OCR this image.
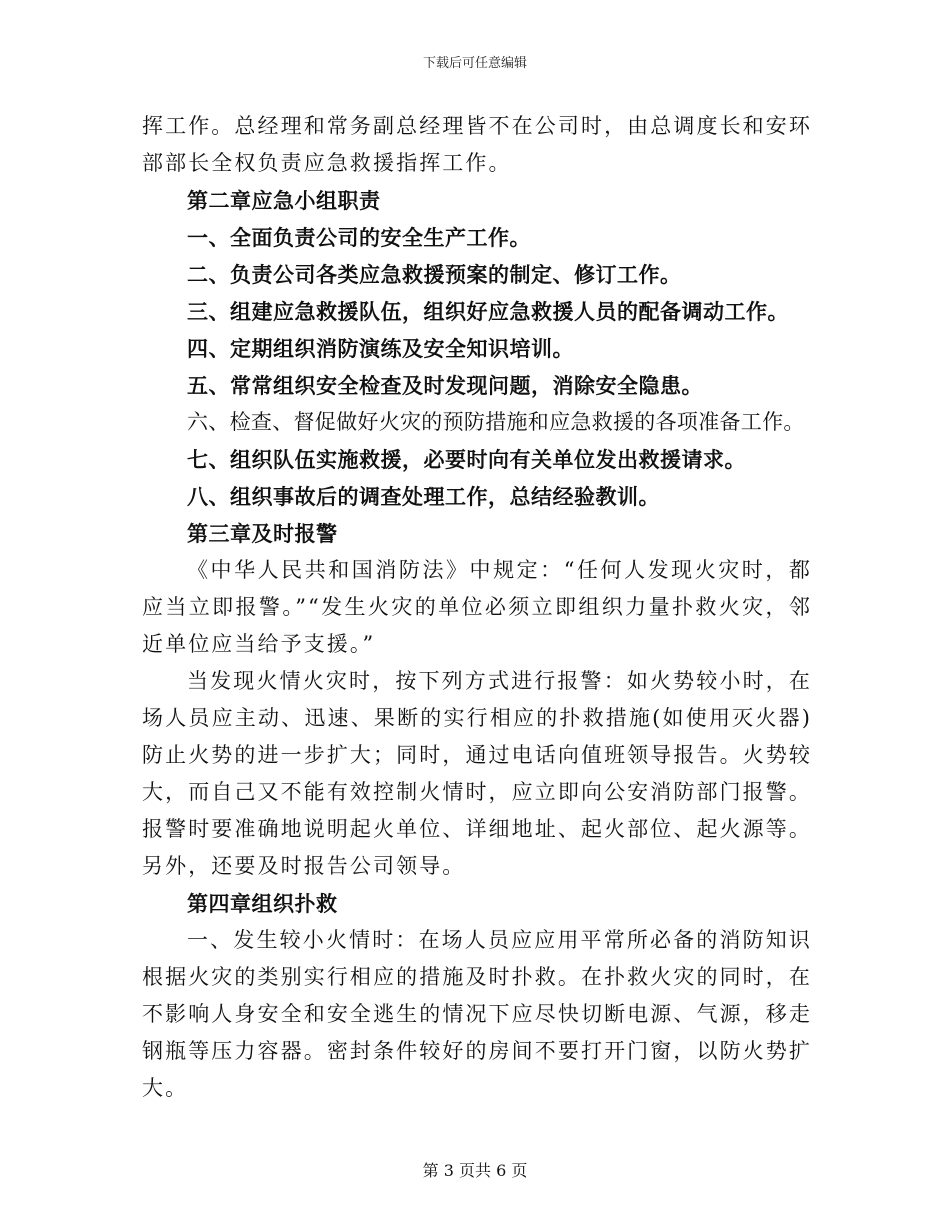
下载后可任意编辑

挥工作。总经理和常务副总经理皆不在公司时，由总调度长和安环部部长全权负责应急救援指挥工作。

第二章应急小组职责

一、全面负责公司的安全生产工作。

二、负责公司各类应急救援预案的制定、修订工作。

三、组建应急救援队伍，组织好应急救援人员的配备调动工作。

四、定期组织消防演练及安全知识培训。

五、常常组织安全检查及时发现问题，消除安全隐患。

六、检查、督促做好火灾的预防措施和应急救援的各项准备工作。

七、组织队伍实施救援，必要时向有关单位发出救援请求。

八、组织事故后的调查处理工作，总结经验教训。

第三章及时报警

《中华人民共和国消防法》中规定：“任何人发现火灾时，都应当立即报警。”“发生火灾的单位必须立即组织力量扑救火灾，邻近单位应当给予支援。”

当发现火情火灾时，按下列方式进行报警：如火势较小时，在场人员应主动、迅速、果断的实行相应的扑救措施(如使用灭火器)防止火势的进一步扩大；同时，通过电话向值班领导报告。火势较大，而自己又不能有效控制火情时，应立即向公安消防部门报警。报警时要准确地说明起火单位、详细地址、起火部位、起火源等。另外，还要及时报告公司领导。

第四章组织扑救

一、发生较小火情时：在场人员应应用平常所必备的消防知识根据火灾的类别实行相应的措施及时扑救。在扑救火灾的同时，在不影响人身安全和安全逃生的情况下应尽快切断电源、气源，移走钢瓶等压力容器。密封条件较好的房间不要打开门窗，以防火势扩大。

第 3 页共 6 页
